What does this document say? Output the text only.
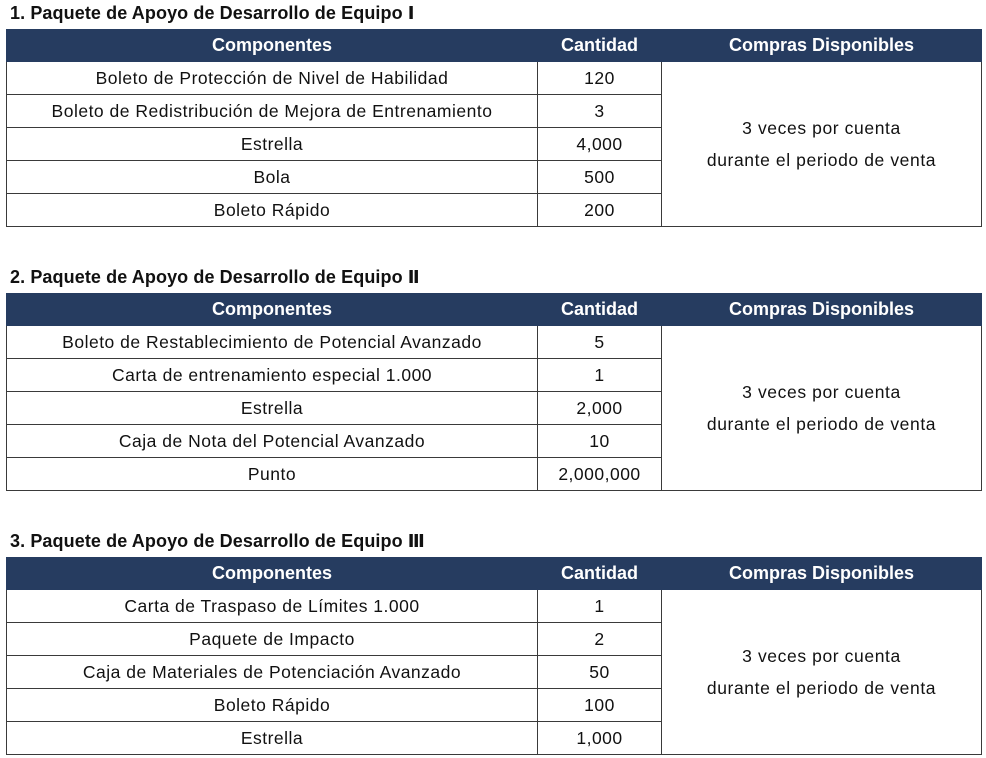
1. Paquete de Apoyo de Desarrollo de Equipo Ⅰ
Componentes	Cantidad	Compras Disponibles
Boleto de Protección de Nivel de Habilidad	120	3 veces por cuenta
durante el periodo de venta

Boleto de Redistribución de Mejora de Entrenamiento	3	
Estrella	4,000	
Bola	500	
Boleto Rápido	200	
2. Paquete de Apoyo de Desarrollo de Equipo Ⅱ
Componentes	Cantidad	Compras Disponibles
Boleto de Restablecimiento de Potencial Avanzado	5	3 veces por cuenta
durante el periodo de venta

Carta de entrenamiento especial 1.000	1	
Estrella	2,000	
Caja de Nota del Potencial Avanzado	10	
Punto	2,000,000	
3. Paquete de Apoyo de Desarrollo de Equipo Ⅲ
Componentes	Cantidad	Compras Disponibles
Carta de Traspaso de Límites 1.000	1	3 veces por cuenta
durante el periodo de venta

Paquete de Impacto	2	
Caja de Materiales de Potenciación Avanzado	50	
Boleto Rápido	100	
Estrella	1,000	
